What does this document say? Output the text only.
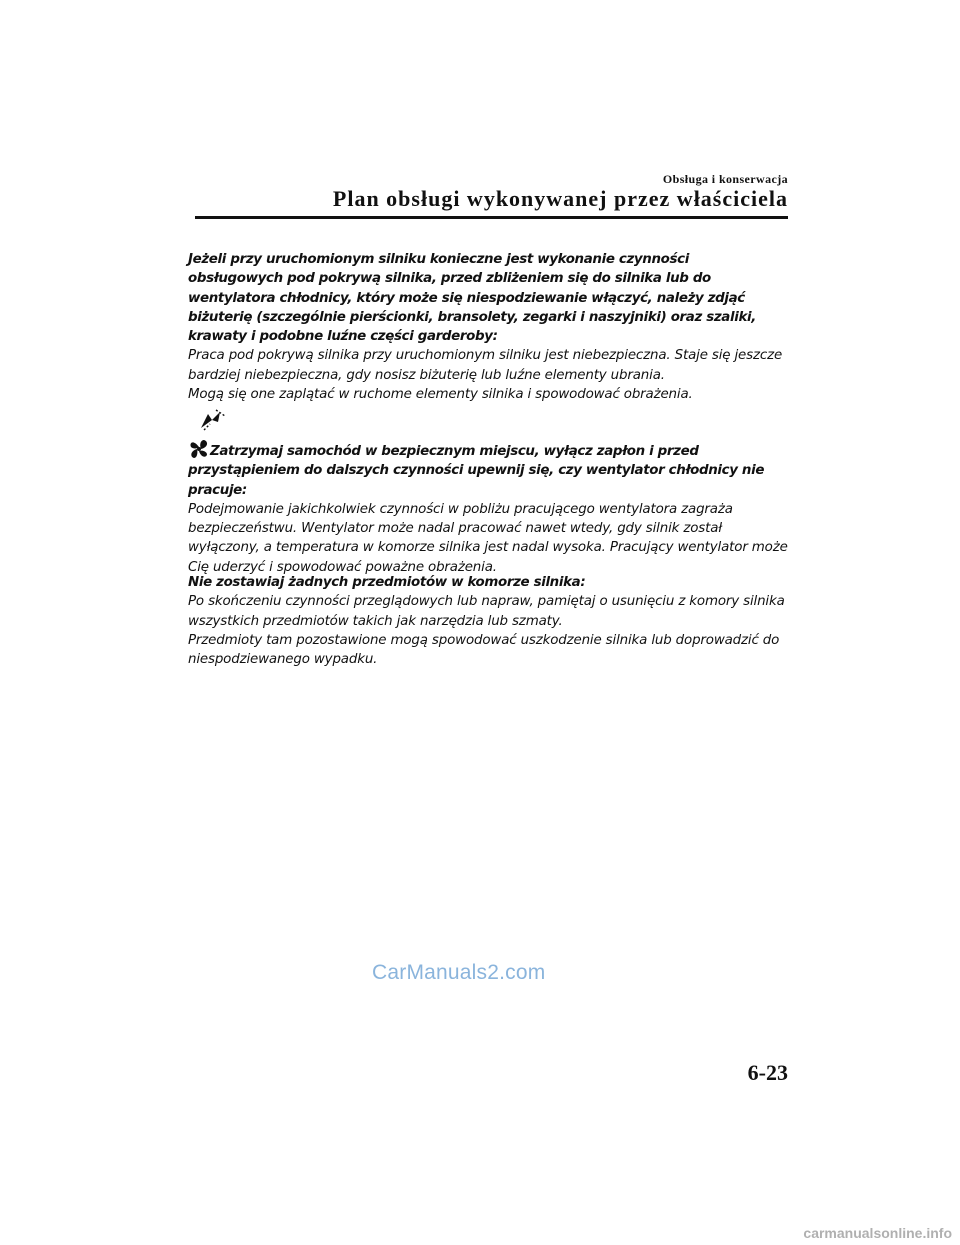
Obsługa i konserwacja
Plan obsługi wykonywanej przez właściciela
Jeżeli przy uruchomionym silniku konieczne jest wykonanie czynności obsługowych pod pokrywą silnika, przed zbliżeniem się do silnika lub do wentylatora chłodnicy, który może się niespodziewanie włączyć, należy zdjąć biżuterię (szczególnie pierścionki, bransolety, zegarki i naszyjniki) oraz szaliki, krawaty i podobne luźne części garderoby:
Praca pod pokrywą silnika przy uruchomionym silniku jest niebezpieczna. Staje się jeszcze bardziej niebezpieczna, gdy nosisz biżuterię lub luźne elementy ubrania.
Mogą się one zaplątać w ruchome elementy silnika i spowodować obrażenia.
Zatrzymaj samochód w bezpiecznym miejscu, wyłącz zapłon i przed przystąpieniem do dalszych czynności upewnij się, czy wentylator chłodnicy nie pracuje:
Podejmowanie jakichkolwiek czynności w pobliżu pracującego wentylatora zagraża bezpieczeństwu. Wentylator może nadal pracować nawet wtedy, gdy silnik został wyłączony, a temperatura w komorze silnika jest nadal wysoka. Pracujący wentylator może Cię uderzyć i spowodować poważne obrażenia.
Nie zostawiaj żadnych przedmiotów w komorze silnika:
Po skończeniu czynności przeglądowych lub napraw, pamiętaj o usunięciu z komory silnika wszystkich przedmiotów takich jak narzędzia lub szmaty.
Przedmioty tam pozostawione mogą spowodować uszkodzenie silnika lub doprowadzić do niespodziewanego wypadku.
CarManuals2.com
6-23
carmanualsonline.info
